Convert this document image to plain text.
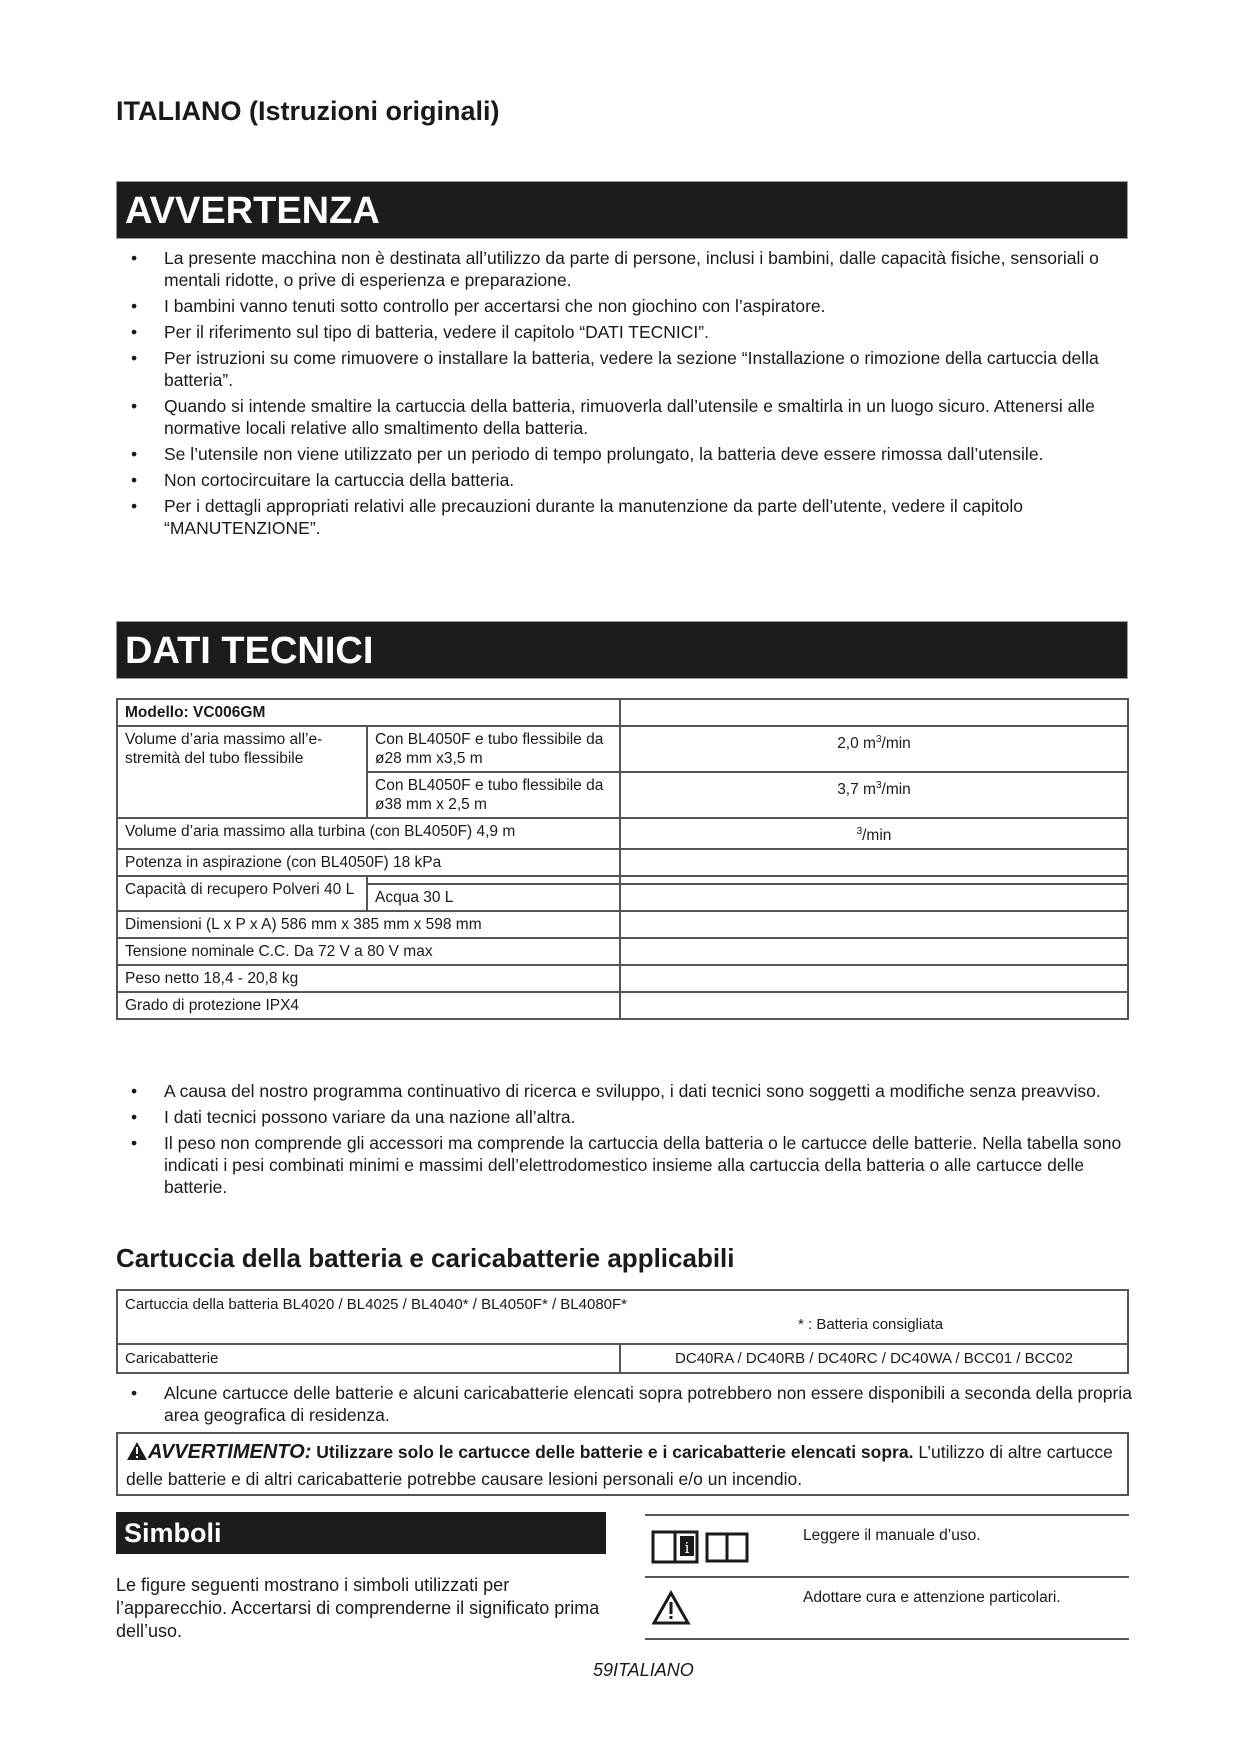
ITALIANO (Istruzioni originali)
AVVERTENZA
• La presente macchina non è destinata all’utilizzo da parte di persone, inclusi i bambini, dalle capacità fisiche, sensoriali o mentali ridotte, o prive di esperienza e preparazione.
• I bambini vanno tenuti sotto controllo per accertarsi che non giochino con l’aspiratore.
• Per il riferimento sul tipo di batteria, vedere il capitolo “DATI TECNICI”.
• Per istruzioni su come rimuovere o installare la batteria, vedere la sezione “Installazione o rimozione della cartuccia della batteria”.
• Quando si intende smaltire la cartuccia della batteria, rimuoverla dall’utensile e smaltirla in un luogo sicuro. Attenersi alle normative locali relative allo smaltimento della batteria.
• Se l’utensile non viene utilizzato per un periodo di tempo prolungato, la batteria deve essere rimossa dall’utensile.
• Non cortocircuitare la cartuccia della batteria.
• Per i dettagli appropriati relativi alle precauzioni durante la manutenzione da parte dell’utente, vedere il capitolo “MANUTENZIONE”.
DATI TECNICI
Modello: VC006GM		
Volume d’aria massimo all’e-stremità del tubo flessibile	Con BL4050F e tubo flessibile da ø28 mm x3,5 m	2,0 $m^3/\min$
	Con BL4050F e tubo flessibile da ø38 mm x 2,5 m	3,7 $m^3/\min$
Volume d’aria massimo alla turbina (con BL4050F) 4,9 m		$^3$/min
Potenza in aspirazione (con BL4050F) 18 kPa		
Capacità di recupero Polveri 40 L		
	Acqua 30 L	
Dimensioni (L x P x A) 586 mm x 385 mm x 598 mm		
Tensione nominale C.C. Da 72 V a 80 V max		
Peso netto 18,4 - 20,8 kg		
Grado di protezione IPX4		
• A causa del nostro programma continuativo di ricerca e sviluppo, i dati tecnici sono soggetti a modifiche senza preavviso.
• I dati tecnici possono variare da una nazione all’altra.
• Il peso non comprende gli accessori ma comprende la cartuccia della batteria o le cartucce delle batterie. Nella tabella sono indicati i pesi combinati minimi e massimi dell’elettrodomestico insieme alla cartuccia della batteria o alle cartucce delle batterie.
Cartuccia della batteria e caricabatterie applicabili
Cartuccia della batteria BL4020 / BL4025 / BL4040* / BL4050F* / BL4080F*
* : Batteria consigliata

Caricabatterie	DC40RA / DC40RB / DC40RC / DC40WA / BCC01 / BCC02
• Alcune cartucce delle batterie e alcuni caricabatterie elencati sopra potrebbero non essere disponibili a seconda della propria area geografica di residenza.
AVVERTIMENTO: Utilizzare solo le cartucce delle batterie e i caricabatterie elencati sopra. L’utilizzo di altre cartucce delle batterie e di altri caricabatterie potrebbe causare lesioni personali e/o un incendio.
Simboli

Le figure seguenti mostrano i simboli utilizzati per l’apparecchio. Accertarsi di comprenderne il significato prima dell’uso.

i
Leggere il manuale d’uso.
Adottare cura e attenzione particolari.
59ITALIANO
